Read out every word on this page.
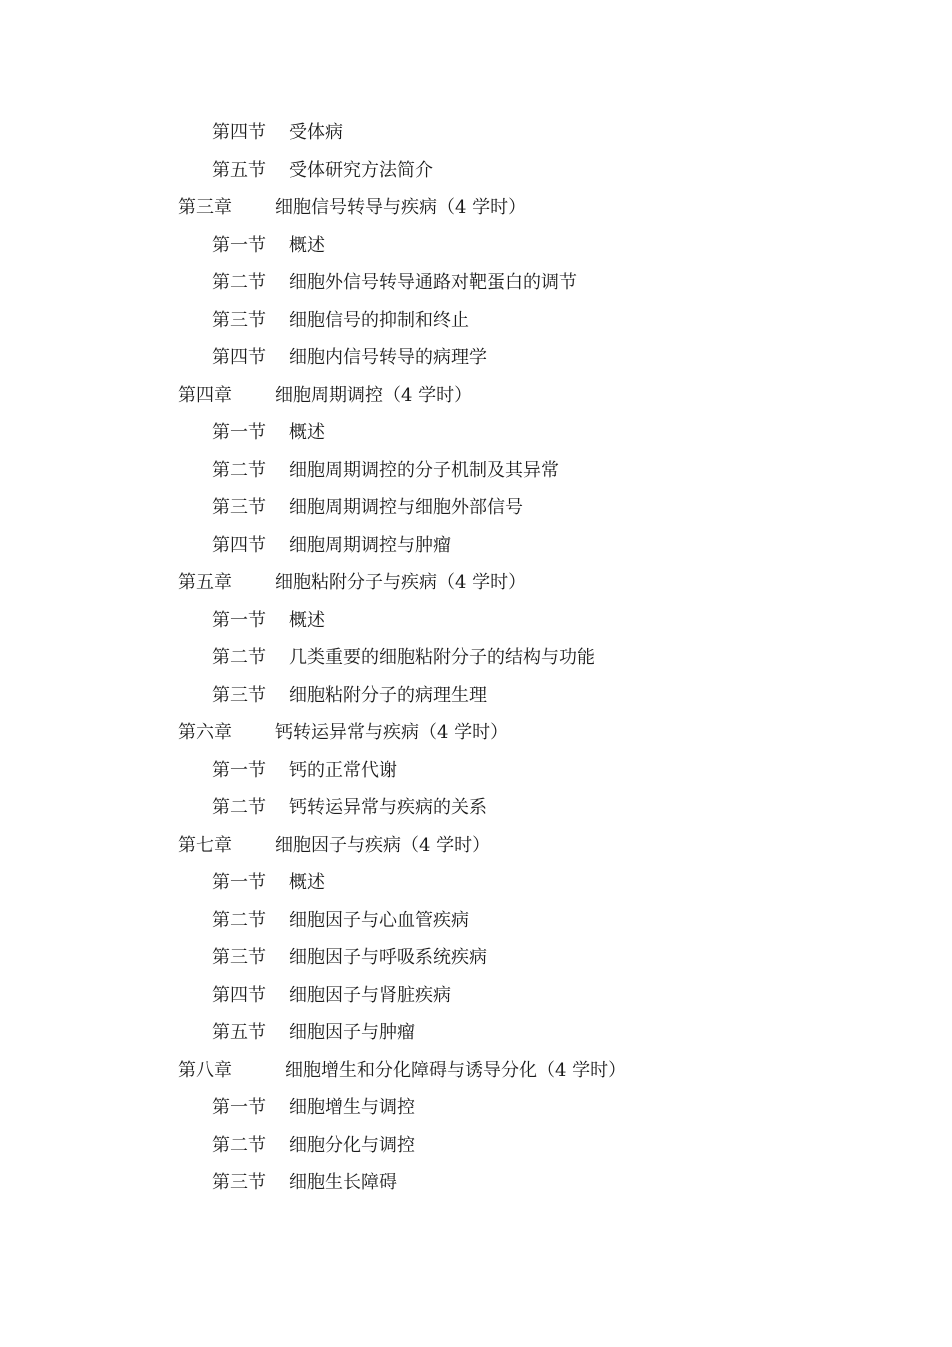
第四节 受体病
第五节 受体研究方法简介
第三章 细胞信号转导与疾病（4 学时）
第一节 概述
第二节 细胞外信号转导通路对靶蛋白的调节
第三节 细胞信号的抑制和终止
第四节 细胞内信号转导的病理学
第四章 细胞周期调控（4 学时）
第一节 概述
第二节 细胞周期调控的分子机制及其异常
第三节 细胞周期调控与细胞外部信号
第四节 细胞周期调控与肿瘤
第五章 细胞粘附分子与疾病（4 学时）
第一节 概述
第二节 几类重要的细胞粘附分子的结构与功能
第三节 细胞粘附分子的病理生理
第六章 钙转运异常与疾病（4 学时）
第一节 钙的正常代谢
第二节 钙转运异常与疾病的关系
第七章 细胞因子与疾病（4 学时）
第一节 概述
第二节 细胞因子与心血管疾病
第三节 细胞因子与呼吸系统疾病
第四节 细胞因子与肾脏疾病
第五节 细胞因子与肿瘤
第八章	细胞增生和分化障碍与诱导分化（4 学时）
第一节 细胞增生与调控
第二节 细胞分化与调控
第三节 细胞生长障碍
